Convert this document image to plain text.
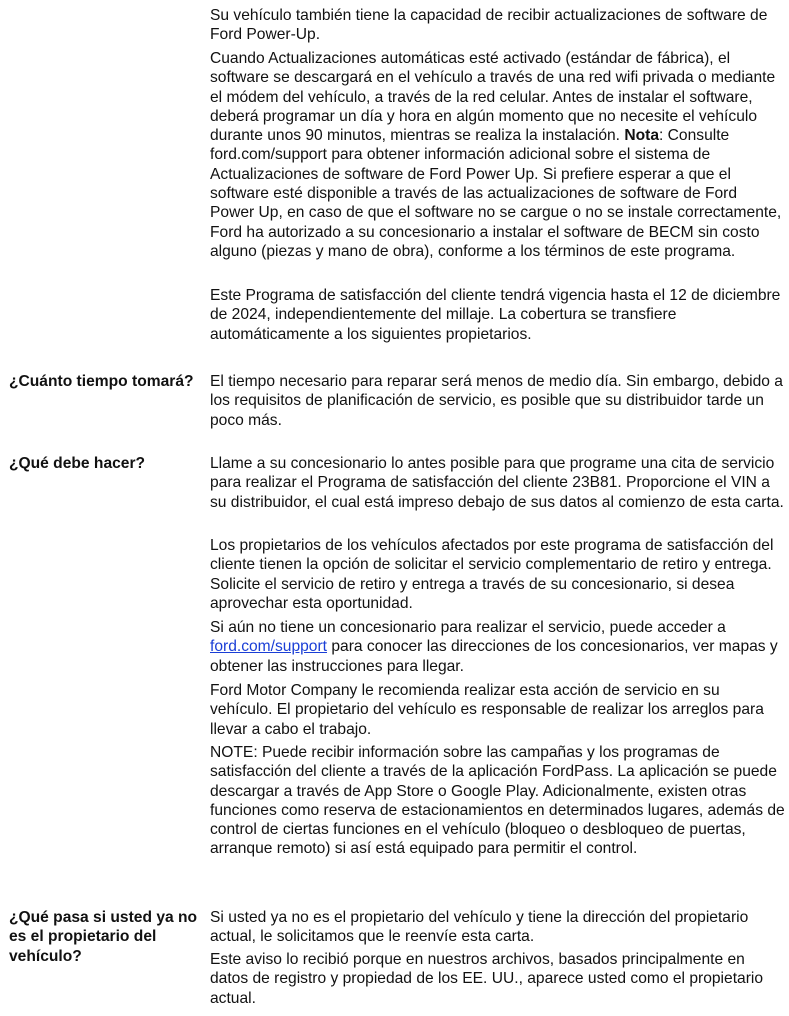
Su vehículo también tiene la capacidad de recibir actualizaciones de software de Ford Power-Up.

Cuando Actualizaciones automáticas esté activado (estándar de fábrica), el software se descargará en el vehículo a través de una red wifi privada o mediante el módem del vehículo, a través de la red celular. Antes de instalar el software, deberá programar un día y hora en algún momento que no necesite el vehículo durante unos 90 minutos, mientras se realiza la instalación. Nota: Consulte ford.com/support para obtener información adicional sobre el sistema de Actualizaciones de software de Ford Power Up. Si prefiere esperar a que el software esté disponible a través de las actualizaciones de software de Ford Power Up, en caso de que el software no se cargue o no se instale correctamente, Ford ha autorizado a su concesionario a instalar el software de BECM sin costo alguno (piezas y mano de obra), conforme a los términos de este programa.

Este Programa de satisfacción del cliente tendrá vigencia hasta el 12 de diciembre de 2024, independientemente del millaje. La cobertura se transfiere automáticamente a los siguientes propietarios.

¿Cuánto tiempo tomará?	El tiempo necesario para reparar será menos de medio día. Sin embargo, debido a los requisitos de planificación de servicio, es posible que su distribuidor tarde un poco más.

¿Qué debe hacer?	Llame a su concesionario lo antes posible para que programe una cita de servicio para realizar el Programa de satisfacción del cliente 23B81. Proporcione el VIN a su distribuidor, el cual está impreso debajo de sus datos al comienzo de esta carta.

Los propietarios de los vehículos afectados por este programa de satisfacción del cliente tienen la opción de solicitar el servicio complementario de retiro y entrega. Solicite el servicio de retiro y entrega a través de su concesionario, si desea aprovechar esta oportunidad.

Si aún no tiene un concesionario para realizar el servicio, puede acceder a ford.com/support para conocer las direcciones de los concesionarios, ver mapas y obtener las instrucciones para llegar.

Ford Motor Company le recomienda realizar esta acción de servicio en su vehículo. El propietario del vehículo es responsable de realizar los arreglos para llevar a cabo el trabajo.

NOTE: Puede recibir información sobre las campañas y los programas de satisfacción del cliente a través de la aplicación FordPass. La aplicación se puede descargar a través de App Store o Google Play. Adicionalmente, existen otras funciones como reserva de estacionamientos en determinados lugares, además de control de ciertas funciones en el vehículo (bloqueo o desbloqueo de puertas, arranque remoto) si así está equipado para permitir el control.

¿Qué pasa si usted ya no es el propietario del vehículo?

Si usted ya no es el propietario del vehículo y tiene la dirección del propietario actual, le solicitamos que le reenvíe esta carta.

Este aviso lo recibió porque en nuestros archivos, basados principalmente en datos de registro y propiedad de los EE. UU., aparece usted como el propietario actual.
